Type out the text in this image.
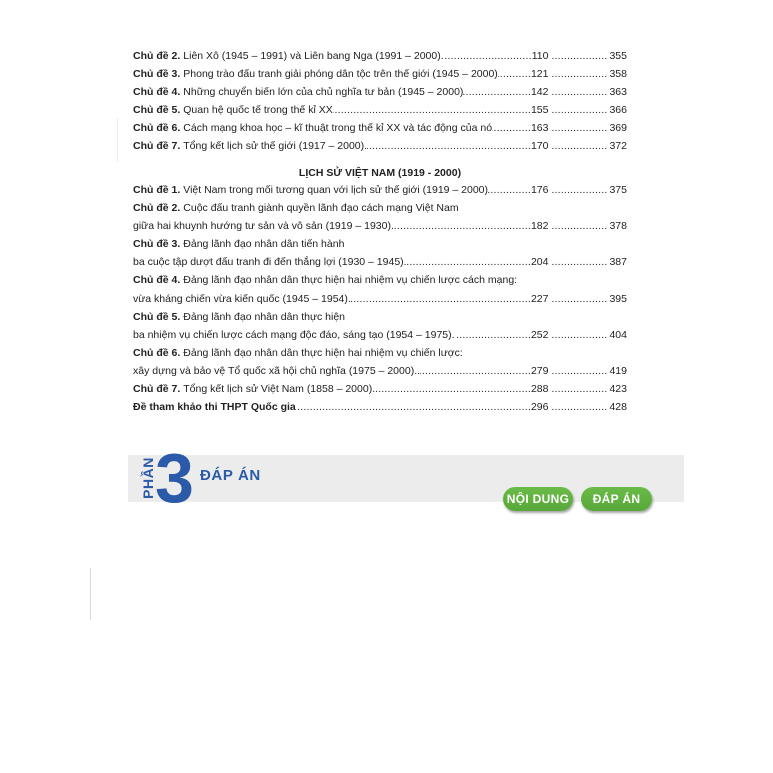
Chủ đề 2. Liên Xô (1945 – 1991) và Liên bang Nga (1991 – 2000). .....	110 .....	355
Chủ đề 3. Phong trào đấu tranh giải phóng dân tộc trên thế giới (1945 – 2000) .....	121 .....	358
Chủ đề 4. Những chuyển biến lớn của chủ nghĩa tư bản (1945 – 2000) .....	142 .....	363
Chủ đề 5. Quan hệ quốc tế trong thế kỉ XX .....	155 .....	366
Chủ đề 6. Cách mạng khoa học – kĩ thuật trong thế kỉ XX và tác động của nó .....	163 .....	369
Chủ đề 7. Tổng kết lịch sử thế giới (1917 – 2000). .....	170 .....	372
LỊCH SỬ VIỆT NAM (1919 - 2000)
Chủ đề 1. Việt Nam trong mối tương quan với lịch sử thế giới (1919 – 2000) .....	176 .....	375
Chủ đề 2. Cuộc đấu tranh giành quyền lãnh đạo cách mạng Việt Nam
giữa hai khuynh hướng tư sản và vô sản (1919 – 1930). .....	182 .....	378
Chủ đề 3. Đảng lãnh đạo nhân dân tiến hành
ba cuộc tập dượt đấu tranh đi đến thắng lợi (1930 – 1945). .....	204 .....	387
Chủ đề 4. Đảng lãnh đạo nhân dân thực hiện hai nhiệm vụ chiến lược cách mạng:
vừa kháng chiến vừa kiến quốc (1945 – 1954). .....	227 .....	395
Chủ đề 5. Đảng lãnh đạo nhân dân thực hiện
ba nhiệm vụ chiến lược cách mạng độc đáo, sáng tạo (1954 – 1975). .....	252 .....	404
Chủ đề 6. Đảng lãnh đạo nhân dân thực hiện hai nhiệm vụ chiến lược:
xây dựng và bảo vệ Tổ quốc xã hội chủ nghĩa (1975 – 2000).. .....	279 .....	419
Chủ đề 7. Tổng kết lịch sử Việt Nam (1858 – 2000). .....	288 .....	423
Đề tham khảo thi THPT Quốc gia .....	296 .....	428
PHẦN 3 ĐÁP ÁN
NỘI DUNG	ĐÁP ÁN
